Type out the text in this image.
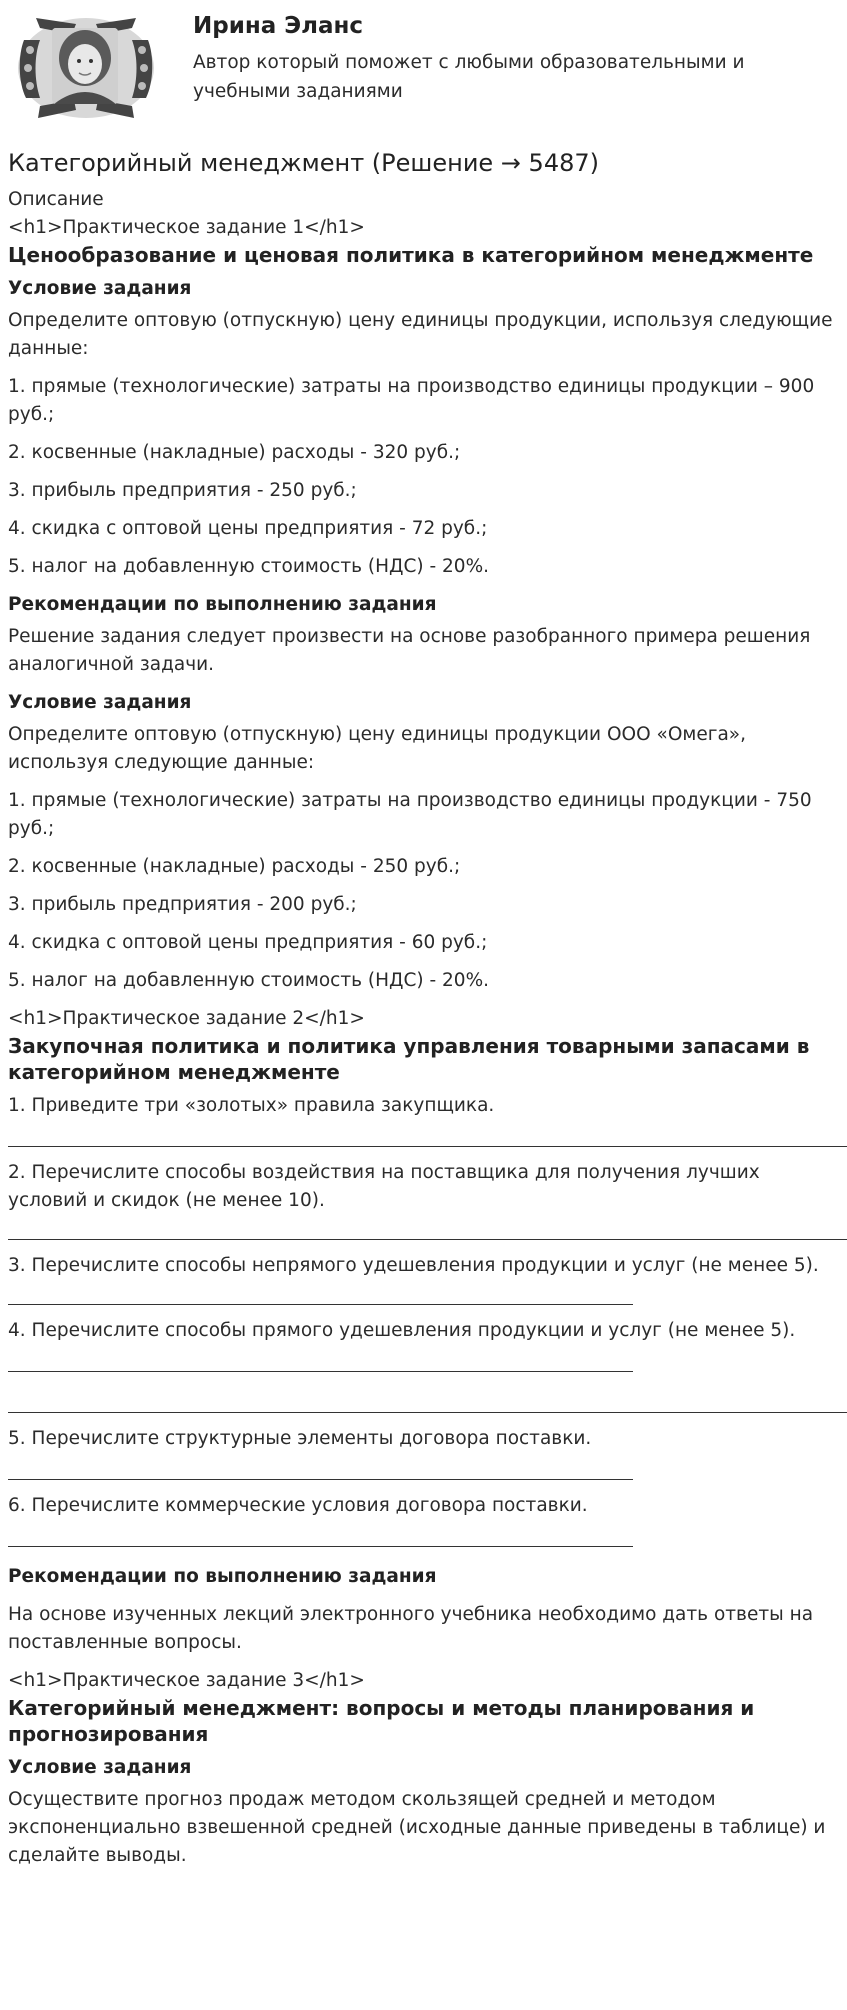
Ирина Эланс
Автор который поможет с любыми образовательными и учебными заданиями
Категорийный менеджмент (Решение → 5487)
Описание
<h1>Практическое задание 1</h1>
Ценообразование и ценовая политика в категорийном менеджменте
Условие задания
Определите оптовую (отпускную) цену единицы продукции, используя следующие данные:
1. прямые (технологические) затраты на производство единицы продукции – 900 руб.;
2. косвенные (накладные) расходы - 320 руб.;
3. прибыль предприятия - 250 руб.;
4. скидка с оптовой цены предприятия - 72 руб.;
5. налог на добавленную стоимость (НДС) - 20%.
Рекомендации по выполнению задания
Решение задания следует произвести на основе разобранного примера решения аналогичной задачи.
Условие задания
Определите оптовую (отпускную) цену единицы продукции ООО «Омега», используя следующие данные:
1. прямые (технологические) затраты на производство единицы продукции - 750 руб.;
2. косвенные (накладные) расходы - 250 руб.;
3. прибыль предприятия - 200 руб.;
4. скидка с оптовой цены предприятия - 60 руб.;
5. налог на добавленную стоимость (НДС) - 20%.
<h1>Практическое задание 2</h1>
Закупочная политика и политика управления товарными запасами в категорийном менеджменте
1. Приведите три «золотых» правила закупщика.
2. Перечислите способы воздействия на поставщика для получения лучших условий и скидок (не менее 10).
3. Перечислите способы непрямого удешевления продукции и услуг (не менее 5).
4. Перечислите способы прямого удешевления продукции и услуг (не менее 5).
5. Перечислите структурные элементы договора поставки.
6. Перечислите коммерческие условия договора поставки.
Рекомендации по выполнению задания
На основе изученных лекций электронного учебника необходимо дать ответы на поставленные вопросы.
<h1>Практическое задание 3</h1>
Категорийный менеджмент: вопросы и методы планирования и прогнозирования
Условие задания
Осуществите прогноз продаж методом скользящей средней и методом экспоненциально взвешенной средней (исходные данные приведены в таблице) и сделайте выводы.
